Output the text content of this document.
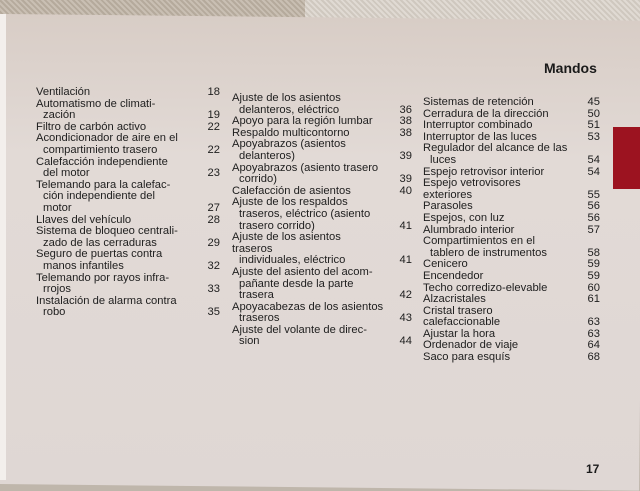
Mandos
Ventilación	18
Automatismo de climati-
zación	19
Filtro de carbón activo	22
Acondicionador de aire en el
compartimiento trasero	22
Calefacción independiente
del motor	23
Telemando para la calefac-
ción independiente del
motor	27
Llaves del vehículo	28
Sistema de bloqueo centrali-
zado de las cerraduras	29
Seguro de puertas contra
manos infantiles	32
Telemando por rayos infra-
rrojos	33
Instalación de alarma contra
robo	35
Ajuste de los asientos
delanteros, eléctrico	36
Apoyo para la región lumbar	38
Respaldo multicontorno	38
Apoyabrazos (asientos
delanteros)	39
Apoyabrazos (asiento trasero
corrido)	39
Calefacción de asientos	40
Ajuste de los respaldos
traseros, eléctrico (asiento
trasero corrido)	41
Ajuste de los asientos traseros
individuales, eléctrico	41
Ajuste del asiento del acom-
pañante desde la parte
trasera	42
Apoyacabezas de los asientos
traseros	43
Ajuste del volante de direc-
sion	44
Sistemas de retención	45
Cerradura de la dirección	50
Interruptor combinado	51
Interruptor de las luces	53
Regulador del alcance de las
luces	54
Espejo retrovisor interior	54
Espejo vetrovisores exteriores	55
Parasoles	56
Espejos, con luz	56
Alumbrado interior	57
Compartimientos en el
tablero de instrumentos	58
Cenicero	59
Encendedor	59
Techo corredizo-elevable	60
Alzacristales	61
Cristal trasero calefaccionable	63
Ajustar la hora	63
Ordenador de viaje	64
Saco para esquís	68
17
